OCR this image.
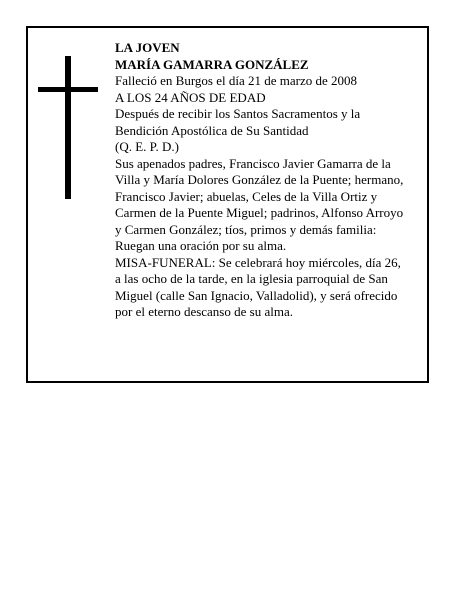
LA JOVEN
MARÍA GAMARRA GONZÁLEZ
Falleció en Burgos el día 21 de marzo de 2008
A LOS 24 AÑOS DE EDAD
Después de recibir los Santos Sacramentos y la
Bendición Apostólica de Su Santidad
(Q. E. P. D.)
Sus apenados padres, Francisco Javier Gamarra de la
Villa y María Dolores González de la Puente; hermano,
Francisco Javier; abuelas, Celes de la Villa Ortiz y
Carmen de la Puente Miguel; padrinos, Alfonso Arroyo
y Carmen González; tíos, primos y demás familia:
Ruegan una oración por su alma.
MISA-FUNERAL: Se celebrará hoy miércoles, día 26,
a las ocho de la tarde, en la iglesia parroquial de San
Miguel (calle San Ignacio, Valladolid), y será ofrecido
por el eterno descanso de su alma.
